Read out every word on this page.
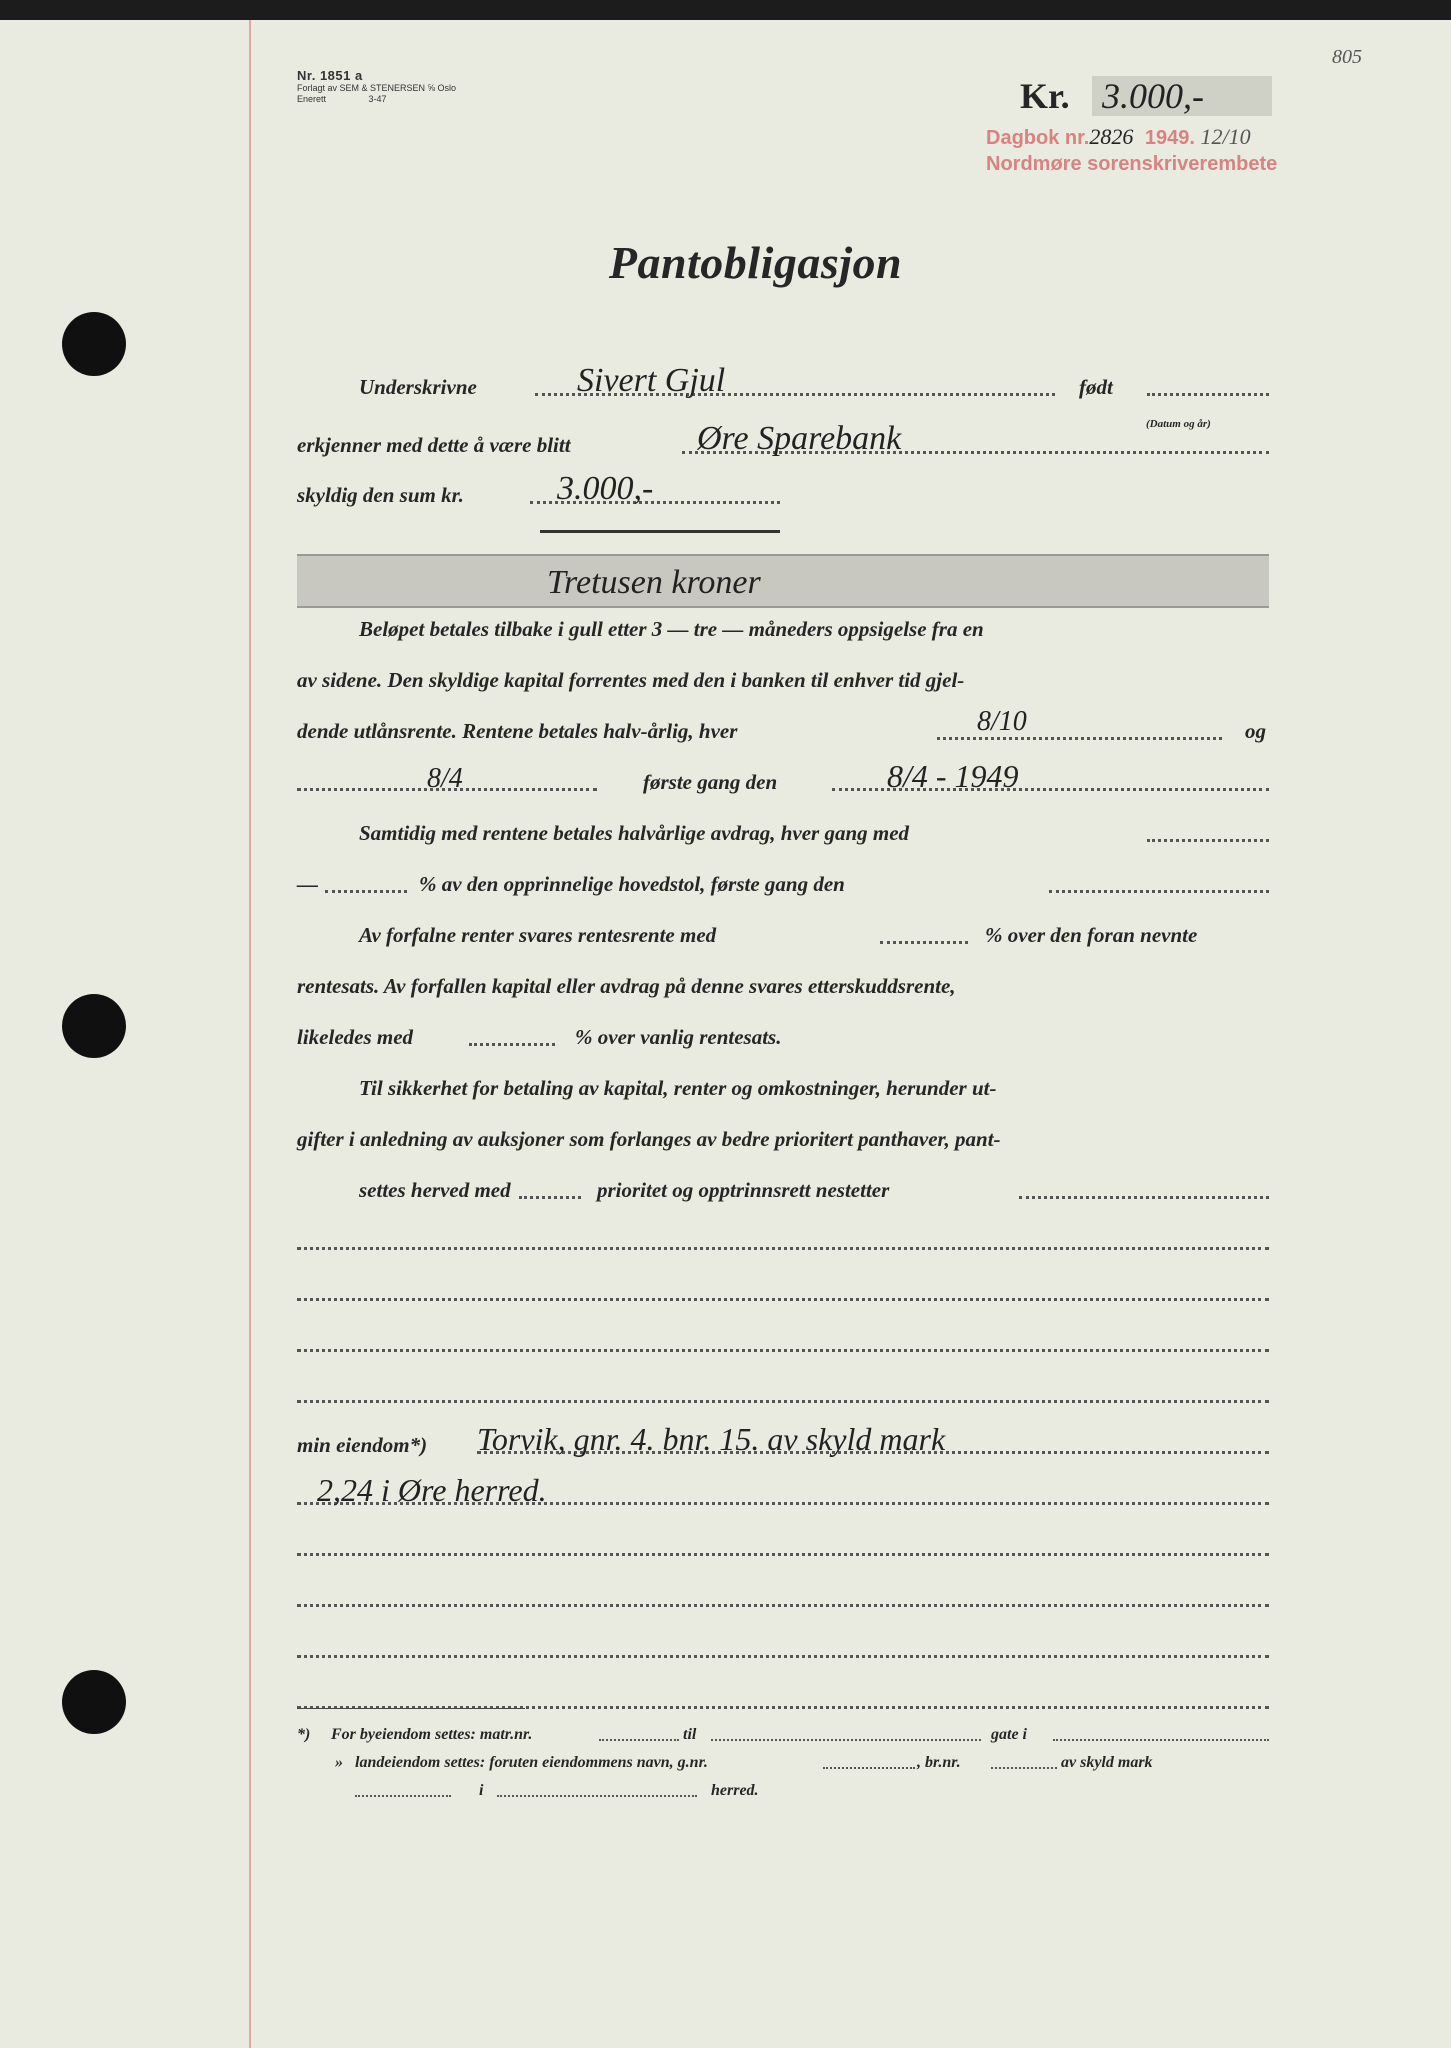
Nr. 1851 a
Forlagt av SEM & STENERSEN ⅝ Oslo
Enerett	3-47
805
Kr. 3.000,-
Dagbok nr.2826 1949. 12/10
Nordmøre sorenskriverembete
Pantobligasjon
Underskrivne	Sivert Gjul	født
(Datum og år)
erkjenner med dette å være blitt	Øre Sparebank
skyldig den sum kr.	3.000,-
Tretusen kroner
Beløpet betales tilbake i gull etter 3 — tre — måneders oppsigelse fra en
av sidene. Den skyldige kapital forrentes med den i banken til enhver tid gjel-
dende utlånsrente. Rentene betales halv-årlig, hver	8/10	og
8/4	første gang den	8/4 - 1949
Samtidig med rentene betales halvårlige avdrag, hver gang med
—	% av den opprinnelige hovedstol, første gang den
Av forfalne renter svares rentesrente med	% over den foran nevnte
rentesats. Av forfallen kapital eller avdrag på denne svares etterskuddsrente,
likeledes med	% over vanlig rentesats.
Til sikkerhet for betaling av kapital, renter og omkostninger, herunder ut-
gifter i anledning av auksjoner som forlanges av bedre prioritert panthaver, pant-
settes herved med	prioritet og opptrinnsrett nestetter
min eiendom*) Torvik, gnr. 4. bnr. 15. av skyld mark
2,24 i Øre herred.
*) For byeiendom settes: matr.nr.	til	gate i
» landeiendom settes: foruten eiendommens navn, g.nr.	, br.nr.	av skyld mark
i	herred.
